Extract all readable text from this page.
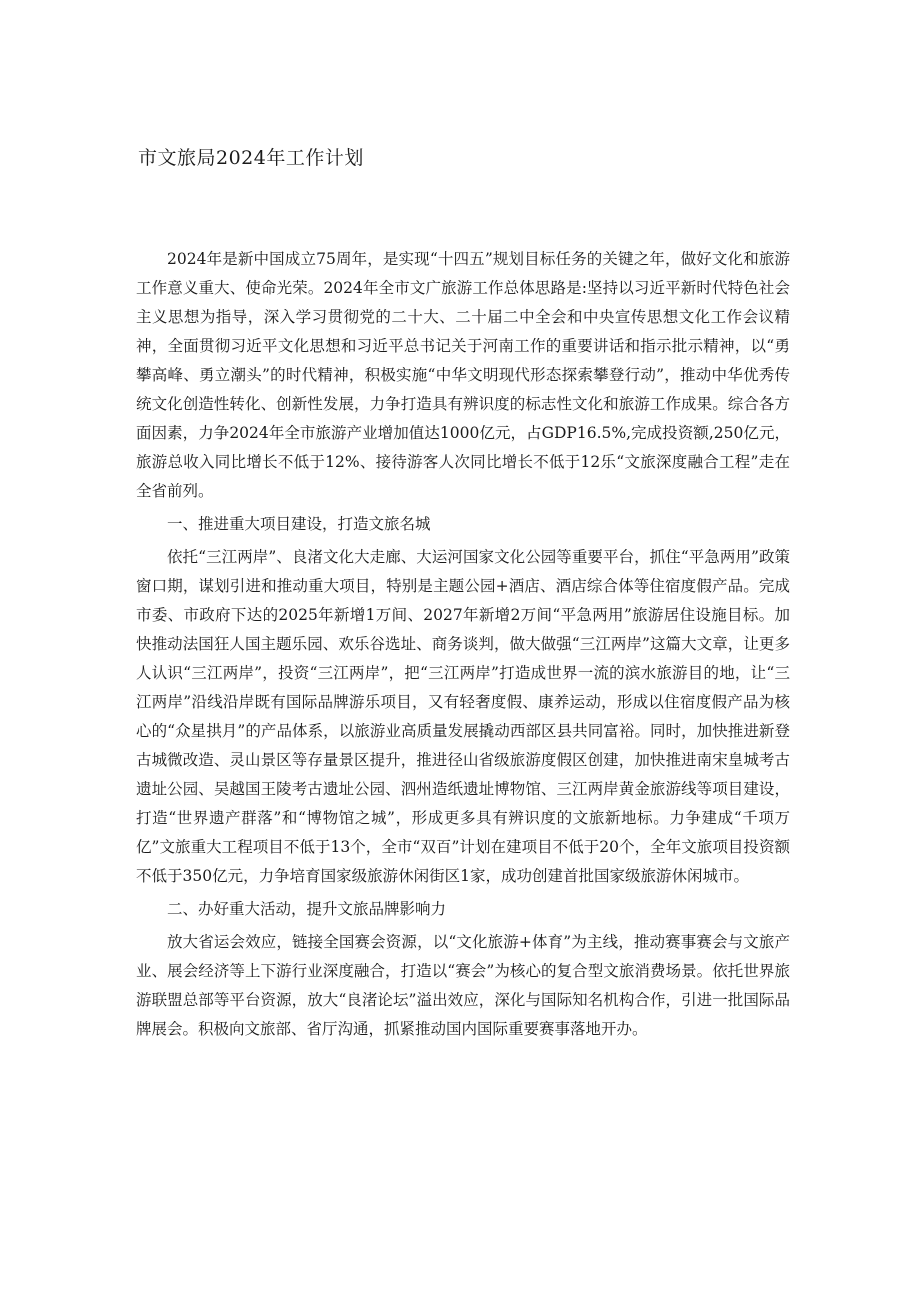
市文旅局2024年工作计划

2024年是新中国成立75周年，是实现“十四五”规划目标任务的关键之年，做好文化和旅游工作意义重大、使命光荣。2024年全市文广旅游工作总体思路是:坚持以习近平新时代特色社会主义思想为指导，深入学习贯彻党的二十大、二十届二中全会和中央宣传思想文化工作会议精神，全面贯彻习近平文化思想和习近平总书记关于河南工作的重要讲话和指示批示精神，以“勇攀高峰、勇立潮头”的时代精神，积极实施“中华文明现代形态探索攀登行动”，推动中华优秀传统文化创造性转化、创新性发展，力争打造具有辨识度的标志性文化和旅游工作成果。综合各方面因素，力争2024年全市旅游产业增加值达1000亿元，占GDP16.5%,完成投资额,250亿元，旅游总收入同比增长不低于12%、接待游客人次同比增长不低于12乐“文旅深度融合工程”走在全省前列。

一、推进重大项目建设，打造文旅名城

依托“三江两岸”、良渚文化大走廊、大运河国家文化公园等重要平台，抓住“平急两用”政策窗口期，谋划引进和推动重大项目，特别是主题公园+酒店、酒店综合体等住宿度假产品。完成市委、市政府下达的2025年新增1万间、2027年新增2万间“平急两用”旅游居住设施目标。加快推动法国狂人国主题乐园、欢乐谷选址、商务谈判，做大做强“三江两岸”这篇大文章，让更多人认识“三江两岸”，投资“三江两岸”，把“三江两岸”打造成世界一流的滨水旅游目的地，让“三江两岸”沿线沿岸既有国际品牌游乐项目，又有轻奢度假、康养运动，形成以住宿度假产品为核心的“众星拱月”的产品体系，以旅游业高质量发展撬动西部区县共同富裕。同时，加快推进新登古城微改造、灵山景区等存量景区提升，推进径山省级旅游度假区创建，加快推进南宋皇城考古遗址公园、吴越国王陵考古遗址公园、泗州造纸遗址博物馆、三江两岸黄金旅游线等项目建设，打造“世界遗产群落”和“博物馆之城”，形成更多具有辨识度的文旅新地标。力争建成“千项万亿”文旅重大工程项目不低于13个，全市“双百”计划在建项目不低于20个，全年文旅项目投资额不低于350亿元，力争培育国家级旅游休闲街区1家，成功创建首批国家级旅游休闲城市。

二、办好重大活动，提升文旅品牌影响力

放大省运会效应，链接全国赛会资源，以“文化旅游+体育”为主线，推动赛事赛会与文旅产业、展会经济等上下游行业深度融合，打造以“赛会”为核心的复合型文旅消费场景。依托世界旅游联盟总部等平台资源，放大“良渚论坛”溢出效应，深化与国际知名机构合作，引进一批国际品牌展会。积极向文旅部、省厅沟通，抓紧推动国内国际重要赛事落地开办。
